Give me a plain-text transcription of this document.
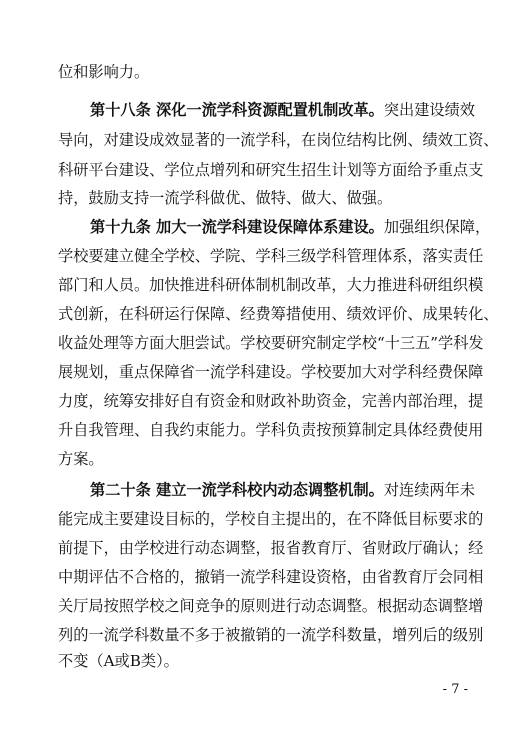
位和影响力。
第十八条 深化一流学科资源配置机制改革。突出建设绩效
导向，对建设成效显著的一流学科，在岗位结构比例、绩效工资、
科研平台建设、学位点增列和研究生招生计划等方面给予重点支
持，鼓励支持一流学科做优、做特、做大、做强。
第十九条 加大一流学科建设保障体系建设。加强组织保障，
学校要建立健全学校、学院、学科三级学科管理体系，落实责任
部门和人员。加快推进科研体制机制改革，大力推进科研组织模
式创新，在科研运行保障、经费筹措使用、绩效评价、成果转化、
收益处理等方面大胆尝试。学校要研究制定学校“十三五”学科发
展规划，重点保障省一流学科建设。学校要加大对学科经费保障
力度，统筹安排好自有资金和财政补助资金，完善内部治理，提
升自我管理、自我约束能力。学科负责按预算制定具体经费使用
方案。
第二十条 建立一流学科校内动态调整机制。对连续两年未
能完成主要建设目标的，学校自主提出的，在不降低目标要求的
前提下，由学校进行动态调整，报省教育厅、省财政厅确认；经
中期评估不合格的，撤销一流学科建设资格，由省教育厅会同相
关厅局按照学校之间竞争的原则进行动态调整。根据动态调整增
列的一流学科数量不多于被撤销的一流学科数量，增列后的级别
不变（A或B类）。
- 7 -
